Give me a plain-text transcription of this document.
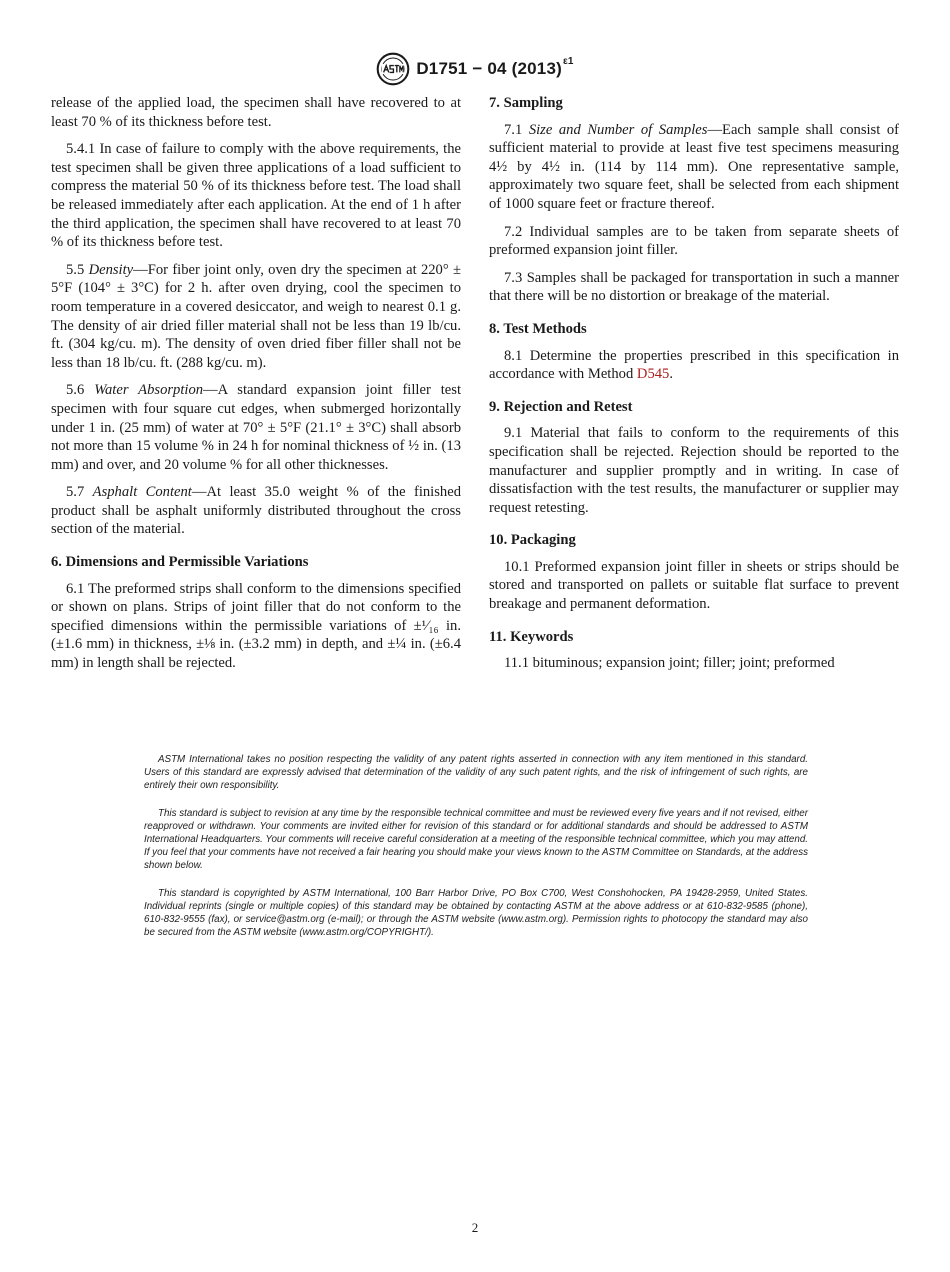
D1751 − 04 $(2013)^{\varepsilon 1}$

release of the applied load, the specimen shall have recovered to at least 70 % of its thickness before test.

5.4.1 In case of failure to comply with the above requirements, the test specimen shall be given three applications of a load sufficient to compress the material 50 % of its thickness before test. The load shall be released immediately after each application. At the end of 1 h after the third application, the specimen shall have recovered to at least 70 % of its thickness before test.

5.5 Density—For fiber joint only, oven dry the specimen at 220° ± 5°F (104° ± 3°C) for 2 h. after oven drying, cool the specimen to room temperature in a covered desiccator, and weigh to nearest 0.1 g. The density of air dried filler material shall not be less than 19 lb/cu. ft. (304 kg/cu. m). The density of oven dried fiber filler shall not be less than 18 lb/cu. ft. (288 kg/cu. m).

5.6 Water Absorption—A standard expansion joint filler test specimen with four square cut edges, when submerged horizontally under 1 in. (25 mm) of water at 70° ± 5°F (21.1° ± 3°C) shall absorb not more than 15 volume % in 24 h for nominal thickness of ½ in. (13 mm) and over, and 20 volume % for all other thicknesses.

5.7 Asphalt Content—At least 35.0 weight % of the finished product shall be asphalt uniformly distributed throughout the cross section of the material.

6. Dimensions and Permissible Variations

6.1 The preformed strips shall conform to the dimensions specified or shown on plans. Strips of joint filler that do not conform to the specified dimensions within the permissible variations of ±¹⁄₁₆ in. (±1.6 mm) in thickness, ±⅛ in. (±3.2 mm) in depth, and ±¼ in. (±6.4 mm) in length shall be rejected.

7. Sampling

7.1 Size and Number of Samples—Each sample shall consist of sufficient material to provide at least five test specimens measuring 4½ by 4½ in. (114 by 114 mm). One representative sample, approximately two square feet, shall be selected from each shipment of 1000 square feet or fracture thereof.

7.2 Individual samples are to be taken from separate sheets of preformed expansion joint filler.

7.3 Samples shall be packaged for transportation in such a manner that there will be no distortion or breakage of the material.

8. Test Methods

8.1 Determine the properties prescribed in this specification in accordance with Method D545.

9. Rejection and Retest

9.1 Material that fails to conform to the requirements of this specification shall be rejected. Rejection should be reported to the manufacturer and supplier promptly and in writing. In case of dissatisfaction with the test results, the manufacturer or supplier may request retesting.

10. Packaging

10.1 Preformed expansion joint filler in sheets or strips should be stored and transported on pallets or suitable flat surface to prevent breakage and permanent deformation.

11. Keywords

11.1 bituminous; expansion joint; filler; joint; preformed

ASTM International takes no position respecting the validity of any patent rights asserted in connection with any item mentioned in this standard. Users of this standard are expressly advised that determination of the validity of any such patent rights, and the risk of infringement of such rights, are entirely their own responsibility.

This standard is subject to revision at any time by the responsible technical committee and must be reviewed every five years and if not revised, either reapproved or withdrawn. Your comments are invited either for revision of this standard or for additional standards and should be addressed to ASTM International Headquarters. Your comments will receive careful consideration at a meeting of the responsible technical committee, which you may attend. If you feel that your comments have not received a fair hearing you should make your views known to the ASTM Committee on Standards, at the address shown below.

This standard is copyrighted by ASTM International, 100 Barr Harbor Drive, PO Box C700, West Conshohocken, PA 19428-2959, United States. Individual reprints (single or multiple copies) of this standard may be obtained by contacting ASTM at the above address or at 610-832-9585 (phone), 610-832-9555 (fax), or service@astm.org (e-mail); or through the ASTM website (www.astm.org). Permission rights to photocopy the standard may also be secured from the ASTM website (www.astm.org/COPYRIGHT/).

2
